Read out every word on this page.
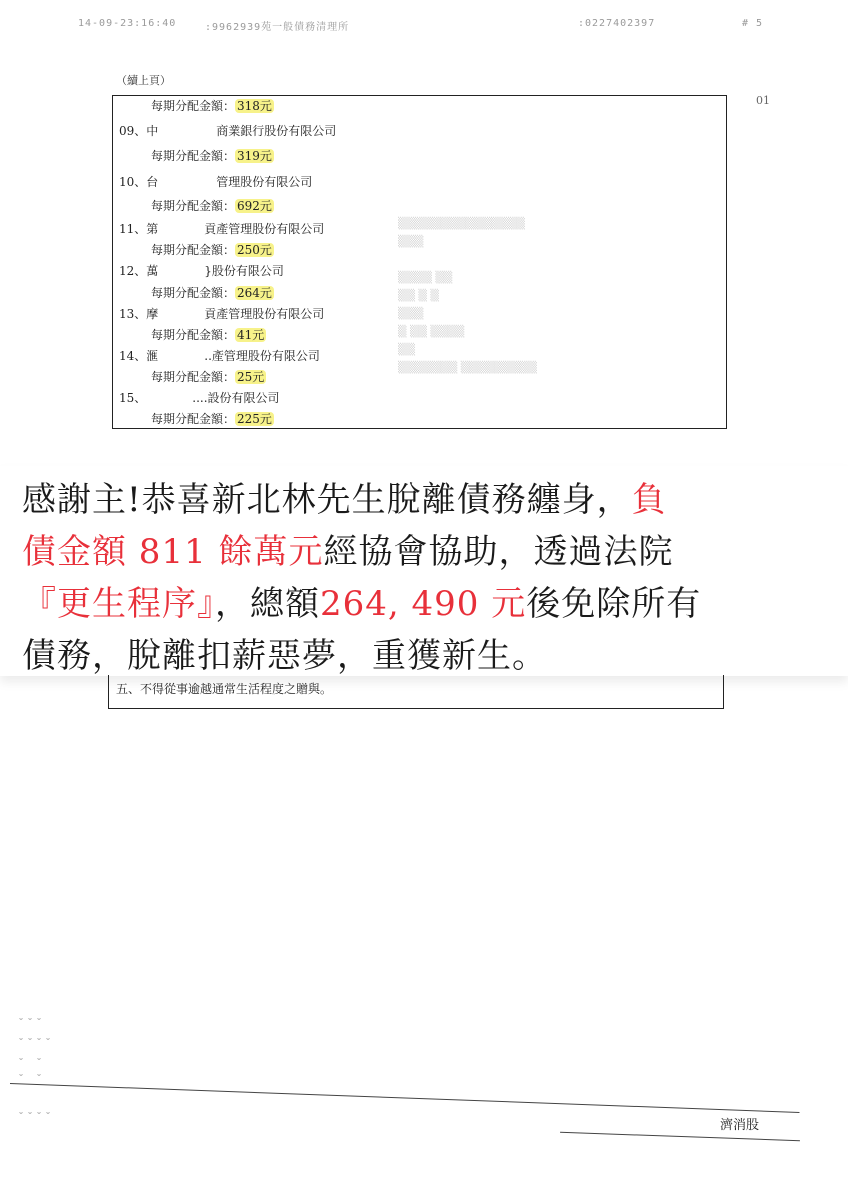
14-09-23:16:40	:9962939苑一般債務清理所	:0227402397	# 5
（續上頁）
01
▒▒▒▒▒▒▒▒▒▒▒▒▒▒▒
▒▒▒

▒▒▒▒ ▒▒
▒▒ ▒ ▒
▒▒▒
▒ ▒▒ ▒▒▒▒
▒▒
▒▒▒▒▒▒▒ ▒▒▒▒▒▒▒▒▒
每期分配金額： 318元
09、中	商業銀行股份有限公司
每期分配金額： 319元
10、台	管理股份有限公司
每期分配金額： 692元
11、第	貢產管理股份有限公司
每期分配金額： 250元
12、萬	}股份有限公司
每期分配金額： 264元
13、摩	貢產管理股份有限公司
每期分配金額： 41元
14、滙	..產管理股份有限公司
每期分配金額： 25元
15、	....設份有限公司
每期分配金額： 225元

感謝主!恭喜新北林先生脫離債務纏身，負

債金額 811 餘萬元經協會協助，透過法院

『更生程序』，總額264, 490 元後免除所有

債務，脫離扣薪惡夢，重獲新生。

五、不得從事逾越通常生活程度之贈與。
˘˘˘
˘˘˘˘
˘ ˘
˘ ˘
˘˘˘˘
濟消股
